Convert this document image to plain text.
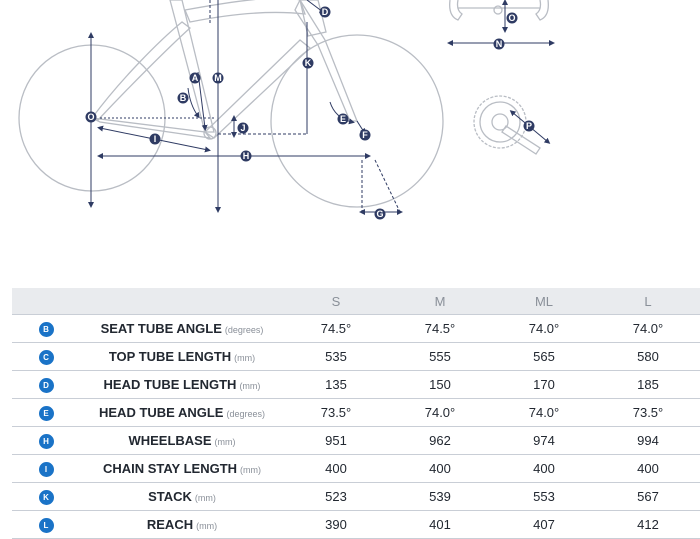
A
B
D
E
F
G
H
I
J
K
M
N
O
O
P
		S	M	ML	L
B	SEAT TUBE ANGLE (degrees)	74.5°	74.5°	74.0°	74.0°
C	TOP TUBE LENGTH (mm)	535	555	565	580
D	HEAD TUBE LENGTH (mm)	135	150	170	185
E	HEAD TUBE ANGLE (degrees)	73.5°	74.0°	74.0°	73.5°
H	WHEELBASE (mm)	951	962	974	994
I	CHAIN STAY LENGTH (mm)	400	400	400	400
K	STACK (mm)	523	539	553	567
L	REACH (mm)	390	401	407	412
